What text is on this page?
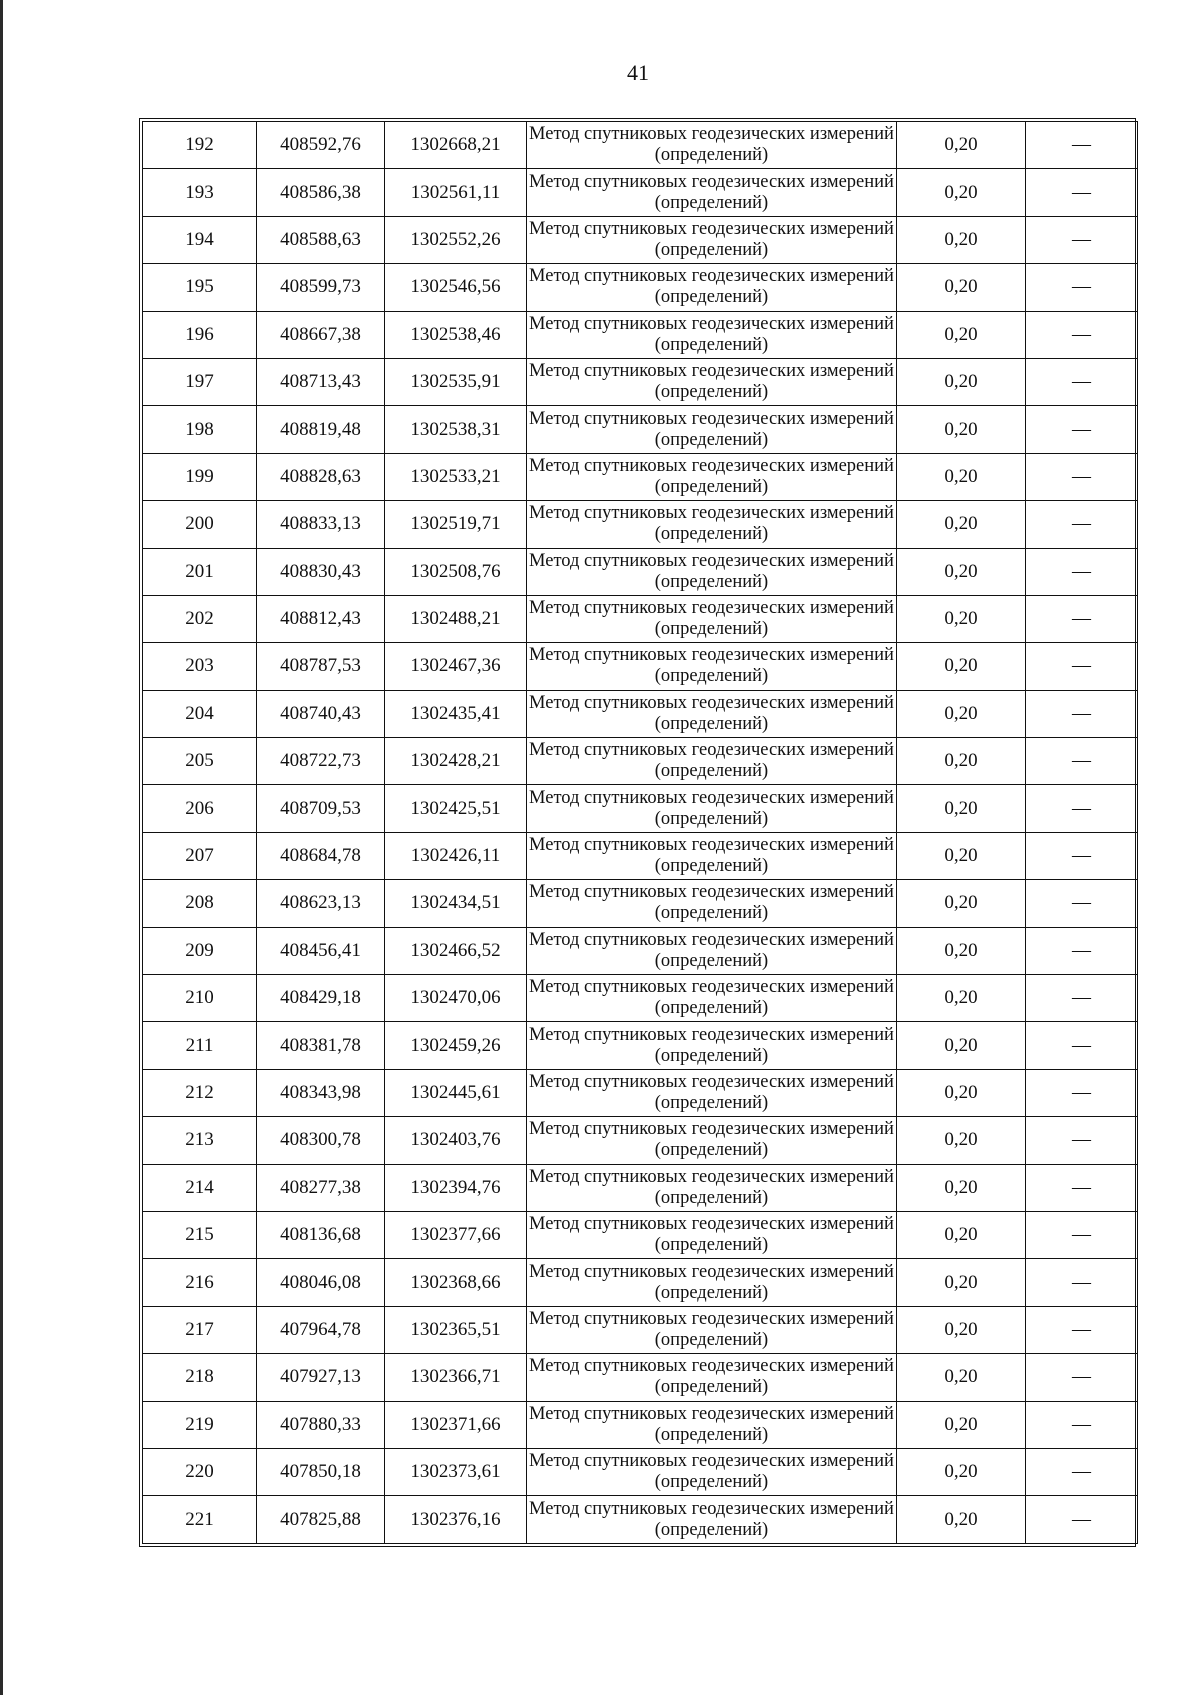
41
192	408592,76	1302668,21	Метод спутниковых геодезических измерений (определений)	0,20	—
193	408586,38	1302561,11	Метод спутниковых геодезических измерений (определений)	0,20	—
194	408588,63	1302552,26	Метод спутниковых геодезических измерений (определений)	0,20	—
195	408599,73	1302546,56	Метод спутниковых геодезических измерений (определений)	0,20	—
196	408667,38	1302538,46	Метод спутниковых геодезических измерений (определений)	0,20	—
197	408713,43	1302535,91	Метод спутниковых геодезических измерений (определений)	0,20	—
198	408819,48	1302538,31	Метод спутниковых геодезических измерений (определений)	0,20	—
199	408828,63	1302533,21	Метод спутниковых геодезических измерений (определений)	0,20	—
200	408833,13	1302519,71	Метод спутниковых геодезических измерений (определений)	0,20	—
201	408830,43	1302508,76	Метод спутниковых геодезических измерений (определений)	0,20	—
202	408812,43	1302488,21	Метод спутниковых геодезических измерений (определений)	0,20	—
203	408787,53	1302467,36	Метод спутниковых геодезических измерений (определений)	0,20	—
204	408740,43	1302435,41	Метод спутниковых геодезических измерений (определений)	0,20	—
205	408722,73	1302428,21	Метод спутниковых геодезических измерений (определений)	0,20	—
206	408709,53	1302425,51	Метод спутниковых геодезических измерений (определений)	0,20	—
207	408684,78	1302426,11	Метод спутниковых геодезических измерений (определений)	0,20	—
208	408623,13	1302434,51	Метод спутниковых геодезических измерений (определений)	0,20	—
209	408456,41	1302466,52	Метод спутниковых геодезических измерений (определений)	0,20	—
210	408429,18	1302470,06	Метод спутниковых геодезических измерений (определений)	0,20	—
211	408381,78	1302459,26	Метод спутниковых геодезических измерений (определений)	0,20	—
212	408343,98	1302445,61	Метод спутниковых геодезических измерений (определений)	0,20	—
213	408300,78	1302403,76	Метод спутниковых геодезических измерений (определений)	0,20	—
214	408277,38	1302394,76	Метод спутниковых геодезических измерений (определений)	0,20	—
215	408136,68	1302377,66	Метод спутниковых геодезических измерений (определений)	0,20	—
216	408046,08	1302368,66	Метод спутниковых геодезических измерений (определений)	0,20	—
217	407964,78	1302365,51	Метод спутниковых геодезических измерений (определений)	0,20	—
218	407927,13	1302366,71	Метод спутниковых геодезических измерений (определений)	0,20	—
219	407880,33	1302371,66	Метод спутниковых геодезических измерений (определений)	0,20	—
220	407850,18	1302373,61	Метод спутниковых геодезических измерений (определений)	0,20	—
221	407825,88	1302376,16	Метод спутниковых геодезических измерений (определений)	0,20	—
